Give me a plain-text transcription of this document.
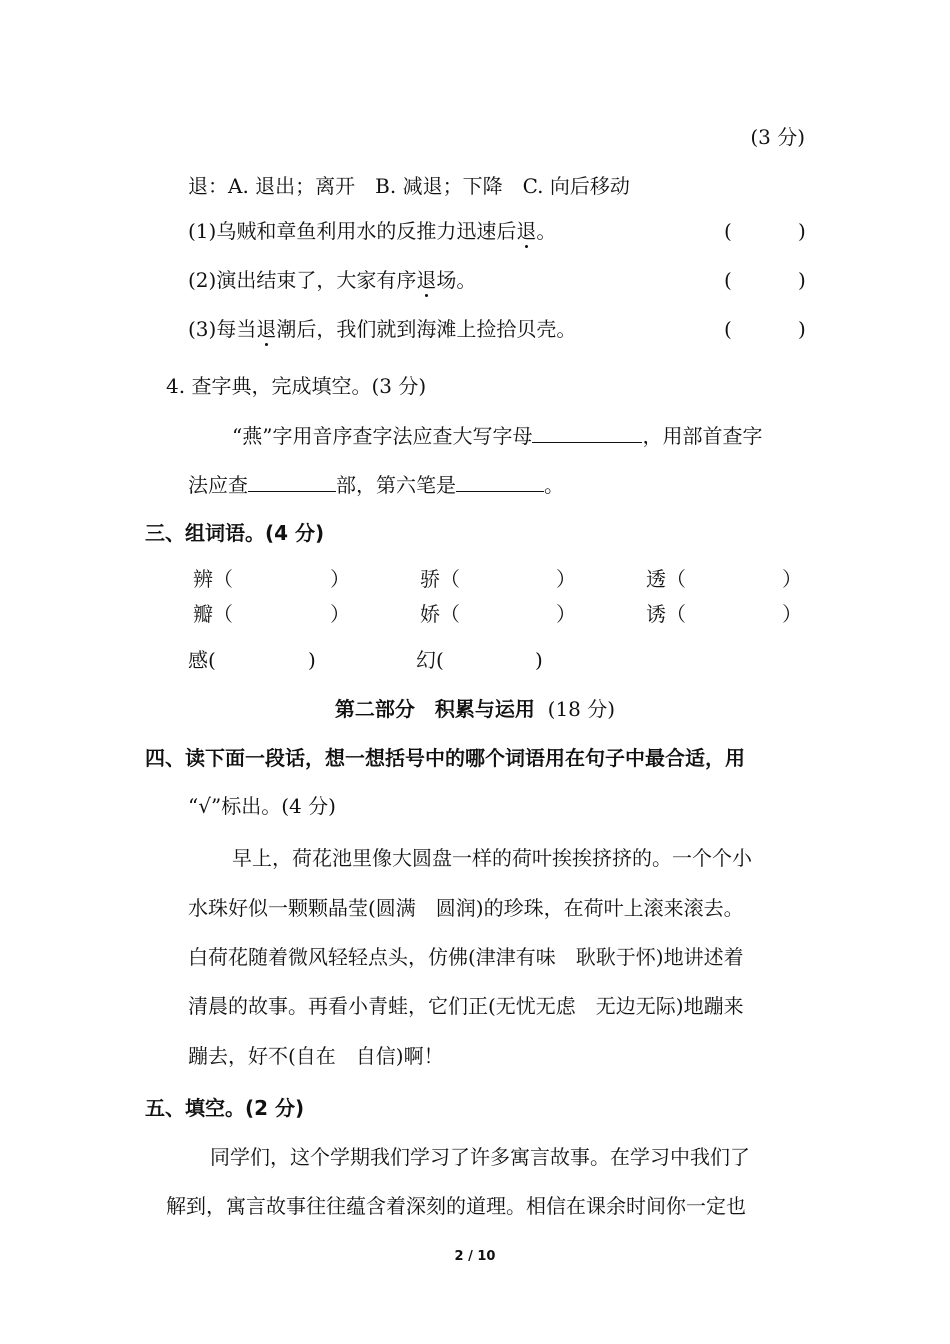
(3 分)
退：A. 退出；离开　B. 减退；下降　C. 向后移动
(1)乌贼和章鱼利用水的反推力迅速后退。	(	)
(2)演出结束了，大家有序退场。	(	)
(3)每当退潮后，我们就到海滩上捡拾贝壳。	(	)
4. 查字典，完成填空。(3 分)
“燕”字用音序查字法应查大写字母	，用部首查字
法应查	部，第六笔是	。
三、组词语。(4 分)
辨（	）	骄（	）	透（	）
瓣（	）	娇（	）	诱（	）
感(	)	幻(	)
第二部分　积累与运用 (18 分)
四、读下面一段话，想一想括号中的哪个词语用在句子中最合适，用
“√”标出。(4 分)
早上，荷花池里像大圆盘一样的荷叶挨挨挤挤的。一个个小
水珠好似一颗颗晶莹(圆满　圆润)的珍珠，在荷叶上滚来滚去。
白荷花随着微风轻轻点头，仿佛(津津有味　耿耿于怀)地讲述着
清晨的故事。再看小青蛙，它们正(无忧无虑　无边无际)地蹦来
蹦去，好不(自在　自信)啊！
五、填空。(2 分)
同学们，这个学期我们学习了许多寓言故事。在学习中我们了
解到，寓言故事往往蕴含着深刻的道理。相信在课余时间你一定也
2 / 10
